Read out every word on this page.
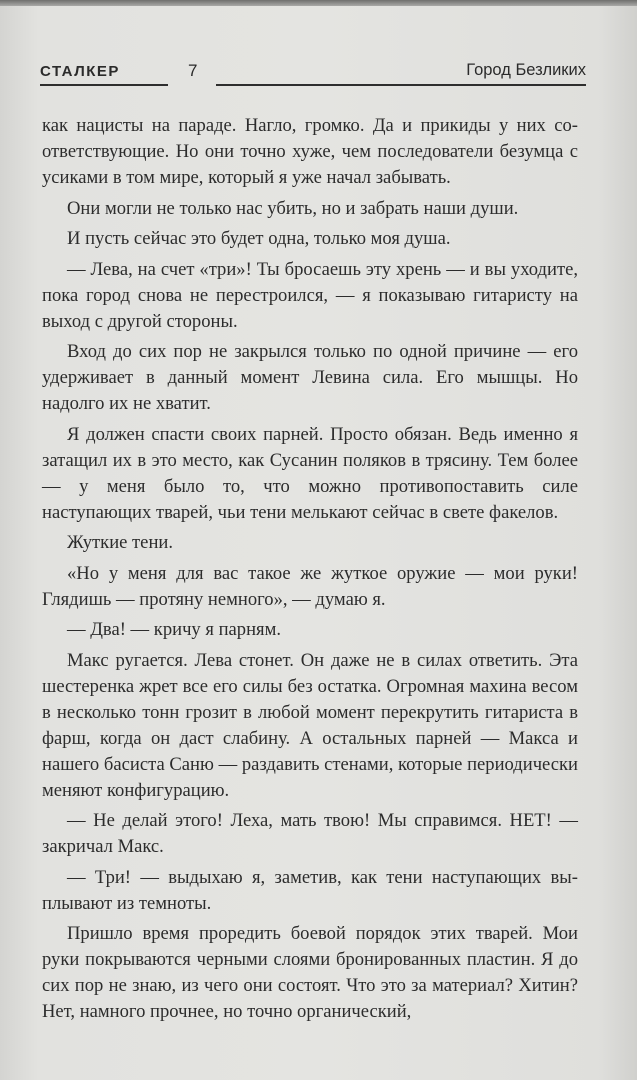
СТАЛКЕР	7	Город Безликих

как нацисты на параде. Нагло, громко. Да и прикиды у них соответствующие. Но они точно хуже, чем последователи безумца с усиками в том мире, который я уже начал забывать.

Они могли не только нас убить, но и забрать наши души.

И пусть сейчас это будет одна, только моя душа.

— Лева, на счет «три»! Ты бросаешь эту хрень — и вы уходите, пока город снова не перестроился, — я показываю гитаристу на выход с другой стороны.

Вход до сих пор не закрылся только по одной причине — его удерживает в данный момент Левина сила. Его мышцы. Но надолго их не хватит.

Я должен спасти своих парней. Просто обязан. Ведь именно я затащил их в это место, как Сусанин поляков в трясину. Тем более — у меня было то, что можно противопоставить силе наступающих тварей, чьи тени мелькают сейчас в свете факелов.

Жуткие тени.

«Но у меня для вас такое же жуткое оружие — мои руки! Глядишь — протяну немного», — думаю я.

— Два! — кричу я парням.

Макс ругается. Лева стонет. Он даже не в силах ответить. Эта шестеренка жрет все его силы без остатка. Огромная махина весом в несколько тонн грозит в любой момент перекрутить гитариста в фарш, когда он даст слабину. А остальных парней — Макса и нашего басиста Саню — раздавить стенами, которые периодически меняют конфигурацию.

— Не делай этого! Леха, мать твою! Мы справимся. НЕТ! — закричал Макс.

— Три! — выдыхаю я, заметив, как тени наступающих выплывают из темноты.

Пришло время проредить боевой порядок этих тварей. Мои руки покрываются черными слоями бронированных пластин. Я до сих пор не знаю, из чего они состоят. Что это за материал? Хитин? Нет, намного прочнее, но точно органический,
